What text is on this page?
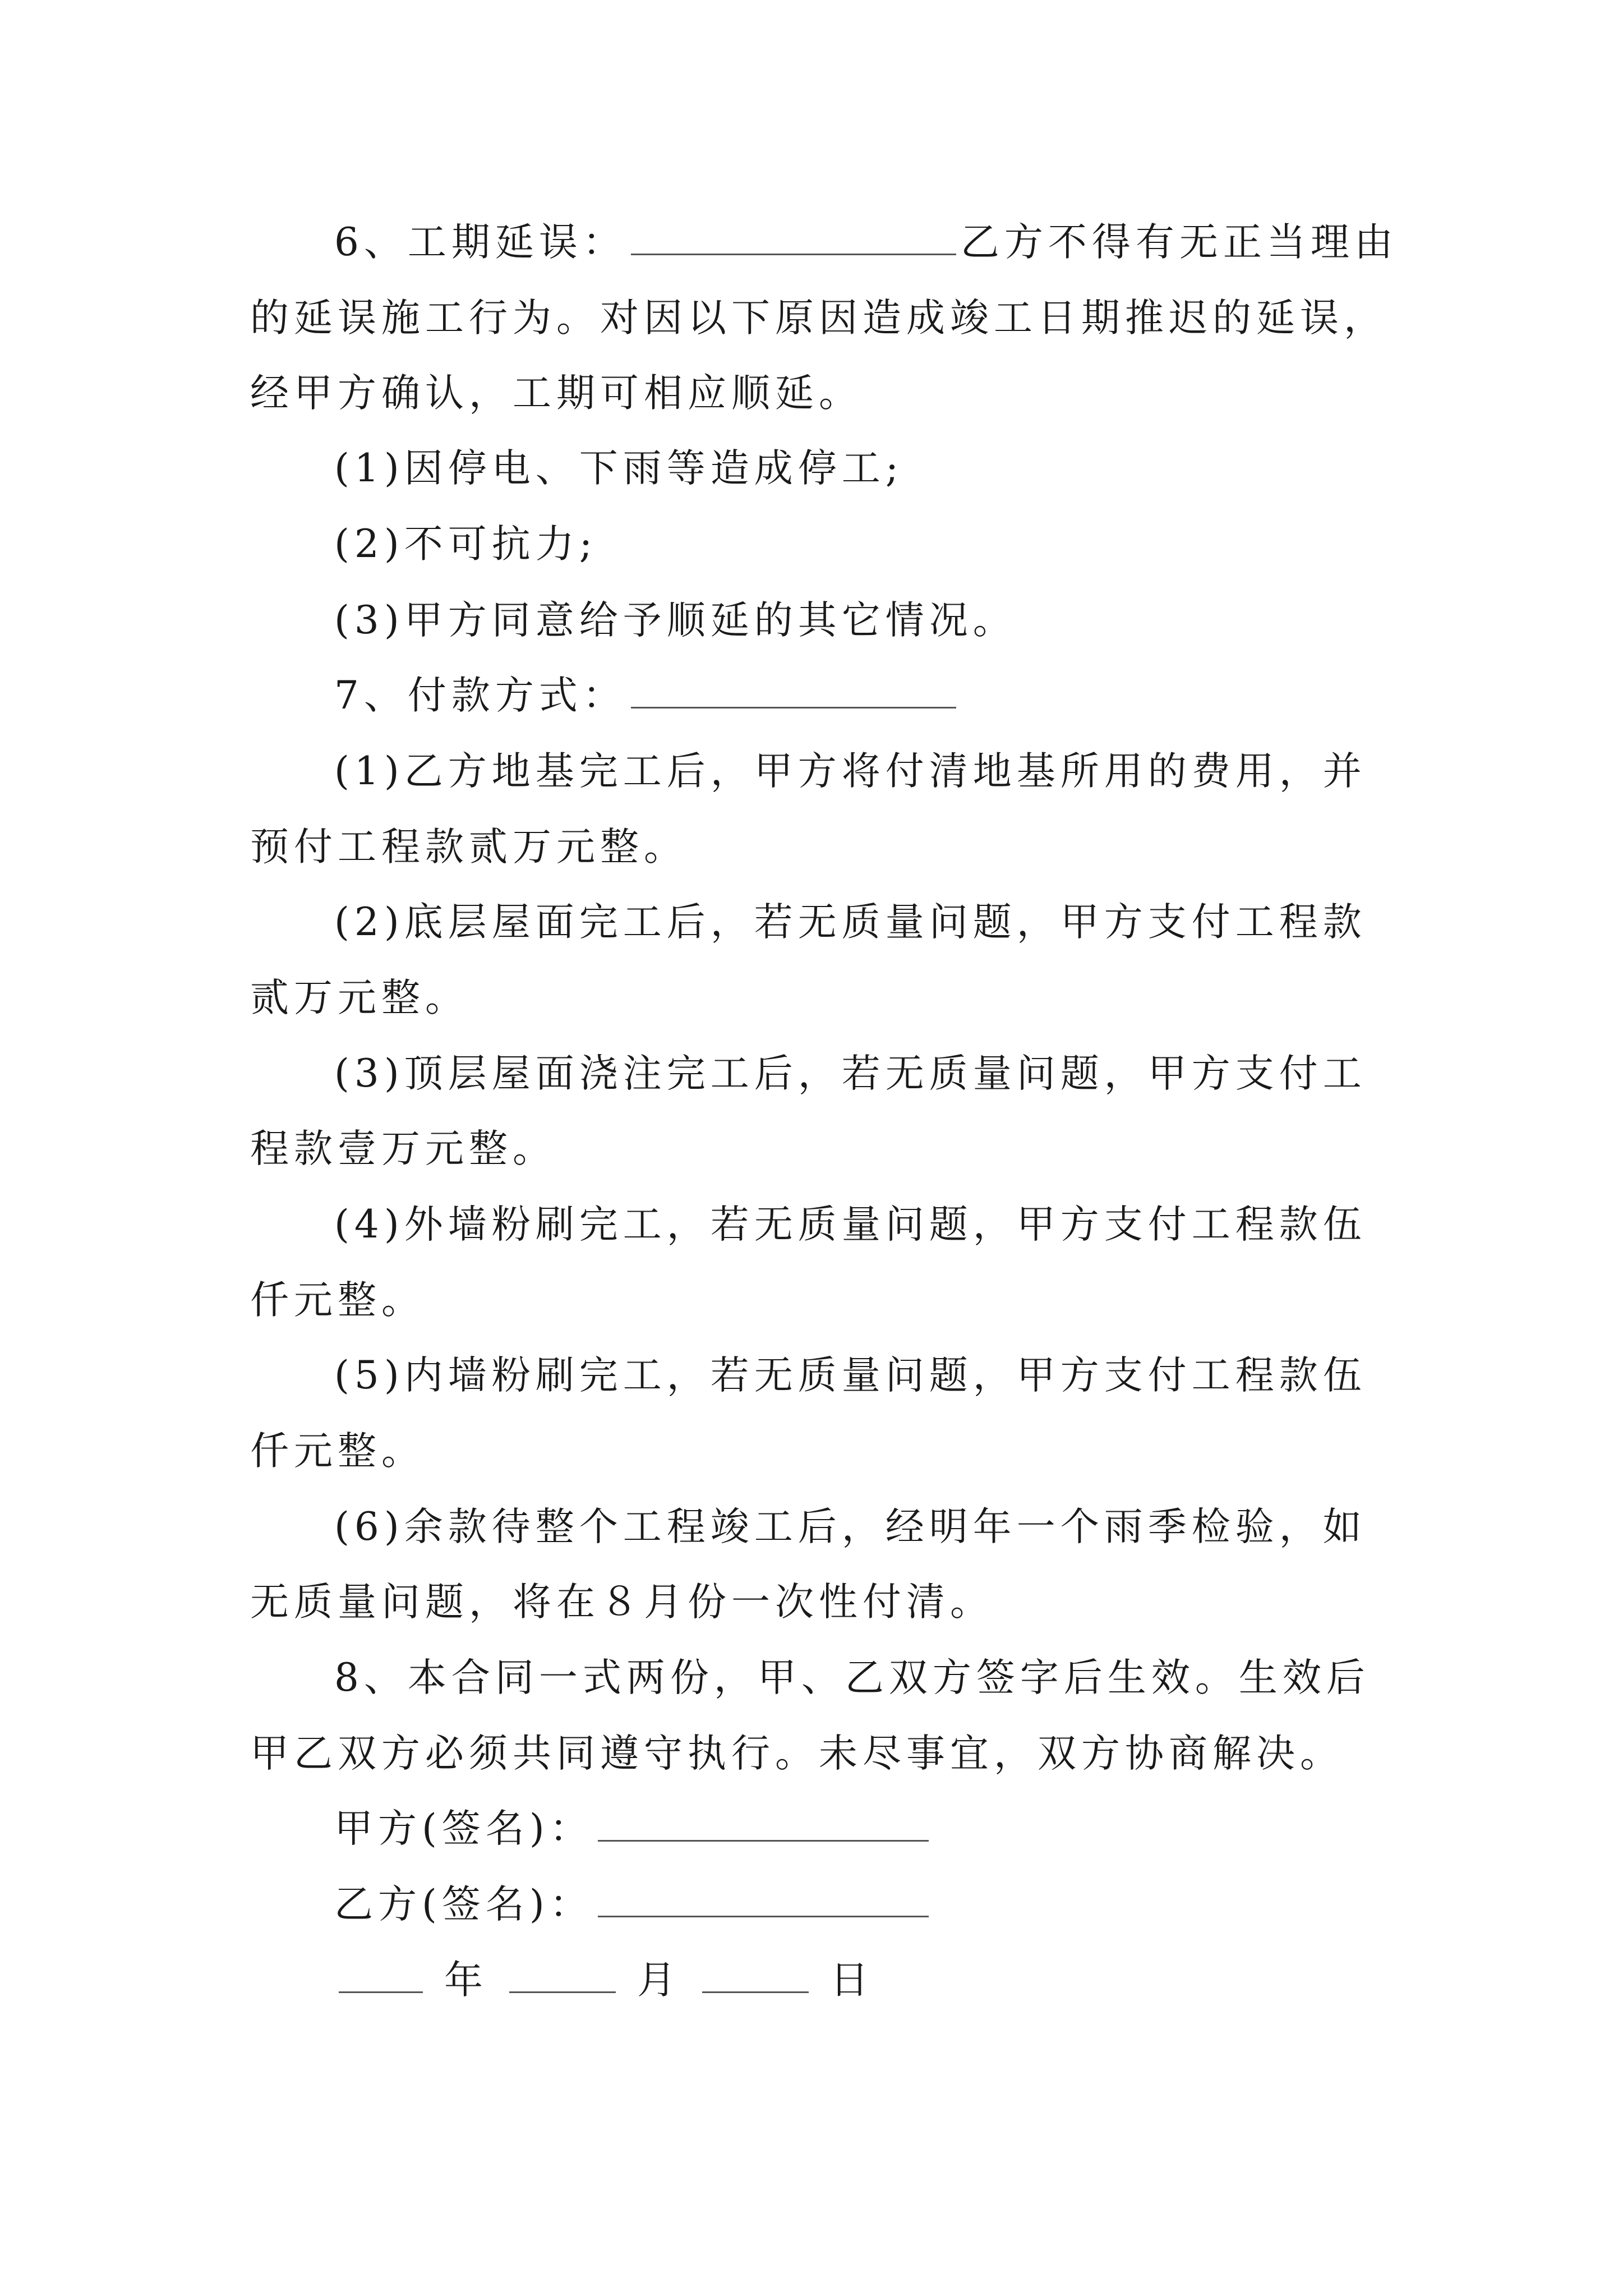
6、工期延误：	乙方不得有无正当理由
的延误施工行为。对因以下原因造成竣工日期推迟的延误，
经甲方确认，工期可相应顺延。
(1)因停电、下雨等造成停工;
(2)不可抗力;
(3)甲方同意给予顺延的其它情况。
7、付款方式：
(1)乙方地基完工后，甲方将付清地基所用的费用，并
预付工程款贰万元整。
(2)底层屋面完工后，若无质量问题，甲方支付工程款
贰万元整。
(3)顶层屋面浇注完工后，若无质量问题，甲方支付工
程款壹万元整。
(4)外墙粉刷完工，若无质量问题，甲方支付工程款伍
仟元整。
(5)内墙粉刷完工，若无质量问题，甲方支付工程款伍
仟元整。
(6)余款待整个工程竣工后，经明年一个雨季检验，如
无质量问题，将在８月份一次性付清。
8、本合同一式两份，甲、乙双方签字后生效。生效后
甲乙双方必须共同遵守执行。未尽事宜，双方协商解决。
甲方(签名)：
乙方(签名)：
年	月	日
